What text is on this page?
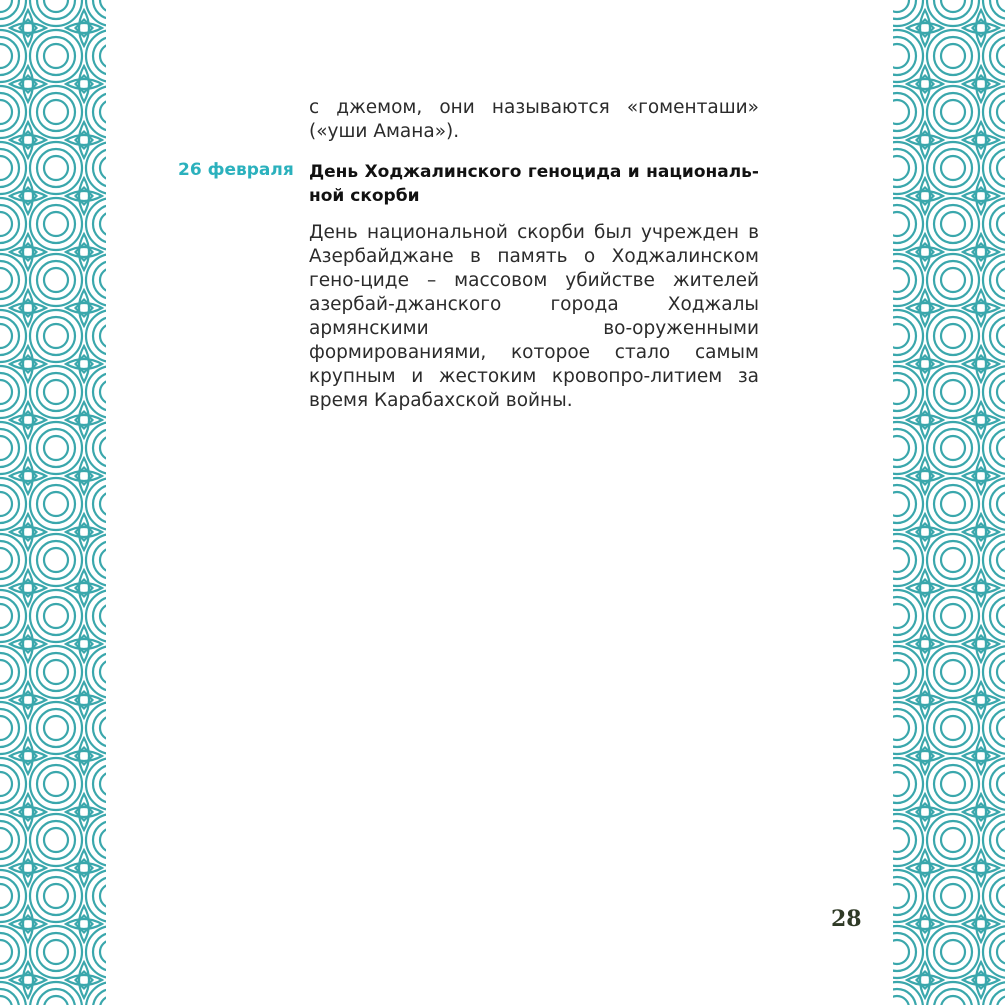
с джемом, они называются «гоменташи» («уши Амана»).

26 февраля День Ходжалинского геноцида и националь-ной скорби

День национальной скорби был учрежден в Азербайджане в память о Ходжалинском гено-циде – массовом убийстве жителей азербай-джанского города Ходжалы армянскими во-оруженными формированиями, которое стало самым крупным и жестоким кровопро-литием за время Карабахской войны.

28
